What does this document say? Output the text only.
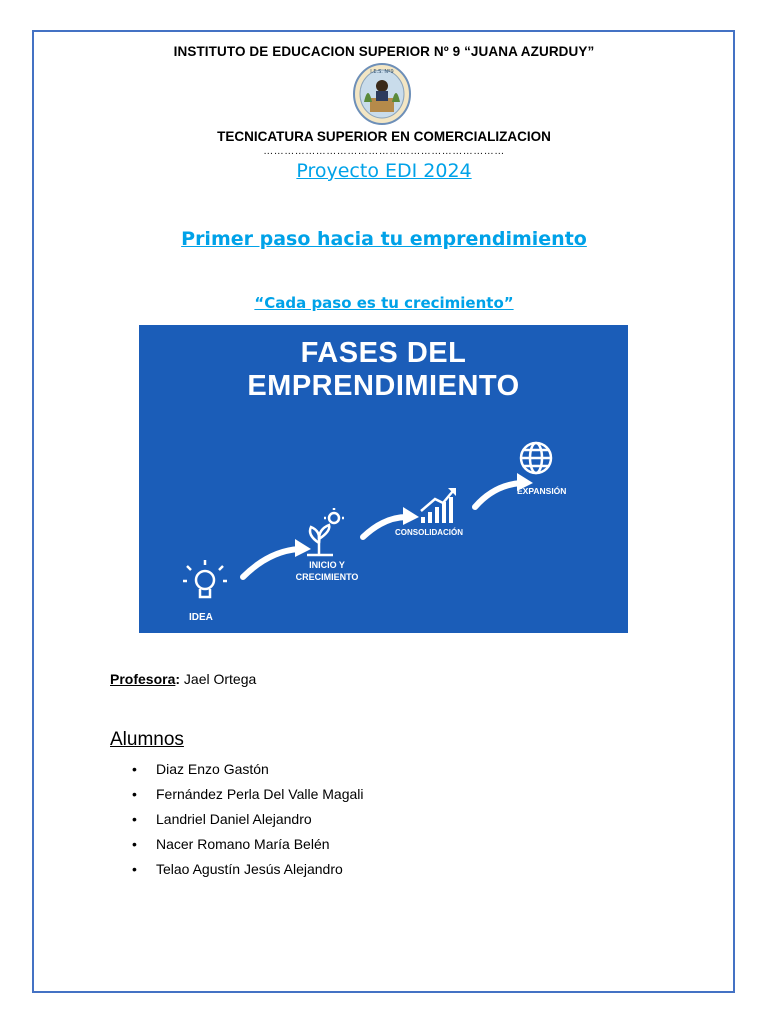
INSTITUTO DE EDUCACION SUPERIOR Nº 9 “JUANA AZURDUY”
I.E.S. Nº9
TECNICATURA SUPERIOR EN COMERCIALIZACION
……………………………………………………………
Proyecto EDI 2024
Primer paso hacia tu emprendimiento
“Cada paso es tu crecimiento”
FASES DEL
EMPRENDIMIENTO
IDEA
INICIO Y
CRECIMIENTO
CONSOLIDACIÓN
EXPANSIÓN
Profesora: Jael Ortega
Alumnos
• Diaz Enzo Gastón
• Fernández Perla Del Valle Magali
• Landriel Daniel Alejandro
• Nacer Romano María Belén
• Telao Agustín Jesús Alejandro
